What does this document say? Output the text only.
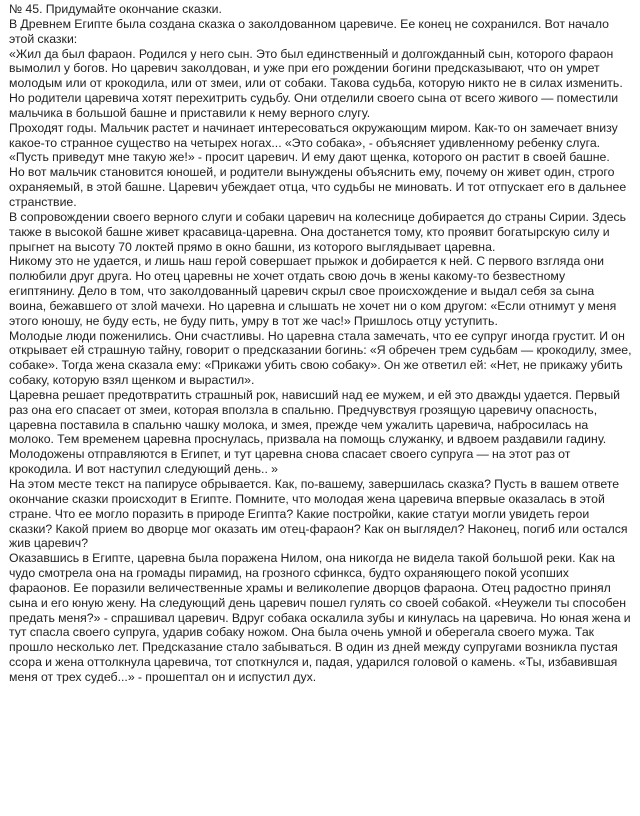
№ 45. Придумайте окончание сказки.

В Древнем Египте была создана сказка о заколдованном царевиче. Ее конец не сохранился. Вот начало этой сказки:

«Жил да был фараон. Родился у него сын. Это был единственный и долгожданный сын, которого фараон вымолил у богов. Но царевич заколдован, и уже при его рождении богини предсказывают, что он умрет молодым или от крокодила, или от змеи, или от собаки. Такова судьба, которую никто не в силах изменить.

Но родители царевича хотят перехитрить судьбу. Они отделили своего сына от всего живого — поместили мальчика в большой башне и приставили к нему верного слугу.

Проходят годы. Мальчик растет и начинает интересоваться окружающим миром. Как-то он замечает внизу какое-то странное существо на четырех ногах... «Это собака», - объясняет удивленному ребенку слуга. «Пусть приведут мне такую же!» - просит царевич. И ему дают щенка, которого он растит в своей башне.

Но вот мальчик становится юношей, и родители вынуждены объяснить ему, почему он живет один, строго охраняемый, в этой башне. Царевич убеждает отца, что судьбы не миновать. И тот отпускает его в дальнее странствие.

В сопровождении своего верного слуги и собаки царевич на колеснице добирается до страны Сирии. Здесь также в высокой башне живет красавица-царевна. Она достанется тому, кто проявит богатырскую силу и прыгнет на высоту 70 локтей прямо в окно башни, из которого выглядывает царевна.

Никому это не удается, и лишь наш герой совершает прыжок и добирается к ней. С первого взгляда они полюбили друг друга. Но отец царевны не хочет отдать свою дочь в жены какому-то безвестному египтянину. Дело в том, что заколдованный царевич скрыл свое происхождение и выдал себя за сына воина, бежавшего от злой мачехи. Но царевна и слышать не хочет ни о ком другом: «Если отнимут у меня этого юношу, не буду есть, не буду пить, умру в тот же час!» Пришлось отцу уступить.

Молодые люди поженились. Они счастливы. Но царевна стала замечать, что ее супруг иногда грустит. И он открывает ей страшную тайну, говорит о предсказании богинь: «Я обречен трем судьбам — крокодилу, змее, собаке». Тогда жена сказала ему: «Прикажи убить свою собаку». Он же ответил ей: «Нет, не прикажу убить собаку, которую взял щенком и вырастил».

Царевна решает предотвратить страшный рок, нависший над ее мужем, и ей это дважды удается. Первый раз она его спасает от змеи, которая вползла в спальню. Предчувствуя грозящую царевичу опасность, царевна поставила в спальню чашку молока, и змея, прежде чем ужалить царевича, набросилась на молоко. Тем временем царевна проснулась, призвала на помощь служанку, и вдвоем раздавили гадину.

Молодожены отправляются в Египет, и тут царевна снова спасает своего супруга — на этот раз от крокодила. И вот наступил следующий день.. »

На этом месте текст на папирусе обрывается. Как, по-вашему, завершилась сказка? Пусть в вашем ответе окончание сказки происходит в Египте. Помните, что молодая жена царевича впервые оказалась в этой стране. Что ее могло поразить в природе Египта? Какие постройки, какие статуи могли увидеть герои сказки? Какой прием во дворце мог оказать им отец-фараон? Как он выглядел? Наконец, погиб или остался жив царевич?

Оказавшись в Египте, царевна была поражена Нилом, она никогда не видела такой большой реки. Как на чудо смотрела она на громады пирамид, на грозного сфинкса, будто охраняющего покой усопших фараонов. Ее поразили величественные храмы и великолепие дворцов фараона. Отец радостно принял сына и его юную жену. На следующий день царевич пошел гулять со своей собакой. «Неужели ты способен предать меня?» - спрашивал царевич. Вдруг собака оскалила зубы и кинулась на царевича. Но юная жена и тут спасла своего супруга, ударив собаку ножом. Она была очень умной и оберегала своего мужа. Так прошло несколько лет. Предсказание стало забываться. В один из дней между супругами возникла пустая ссора и жена оттолкнула царевича, тот споткнулся и, падая, ударился головой о камень. «Ты, избавившая меня от трех судеб...» - прошептал он и испустил дух.
